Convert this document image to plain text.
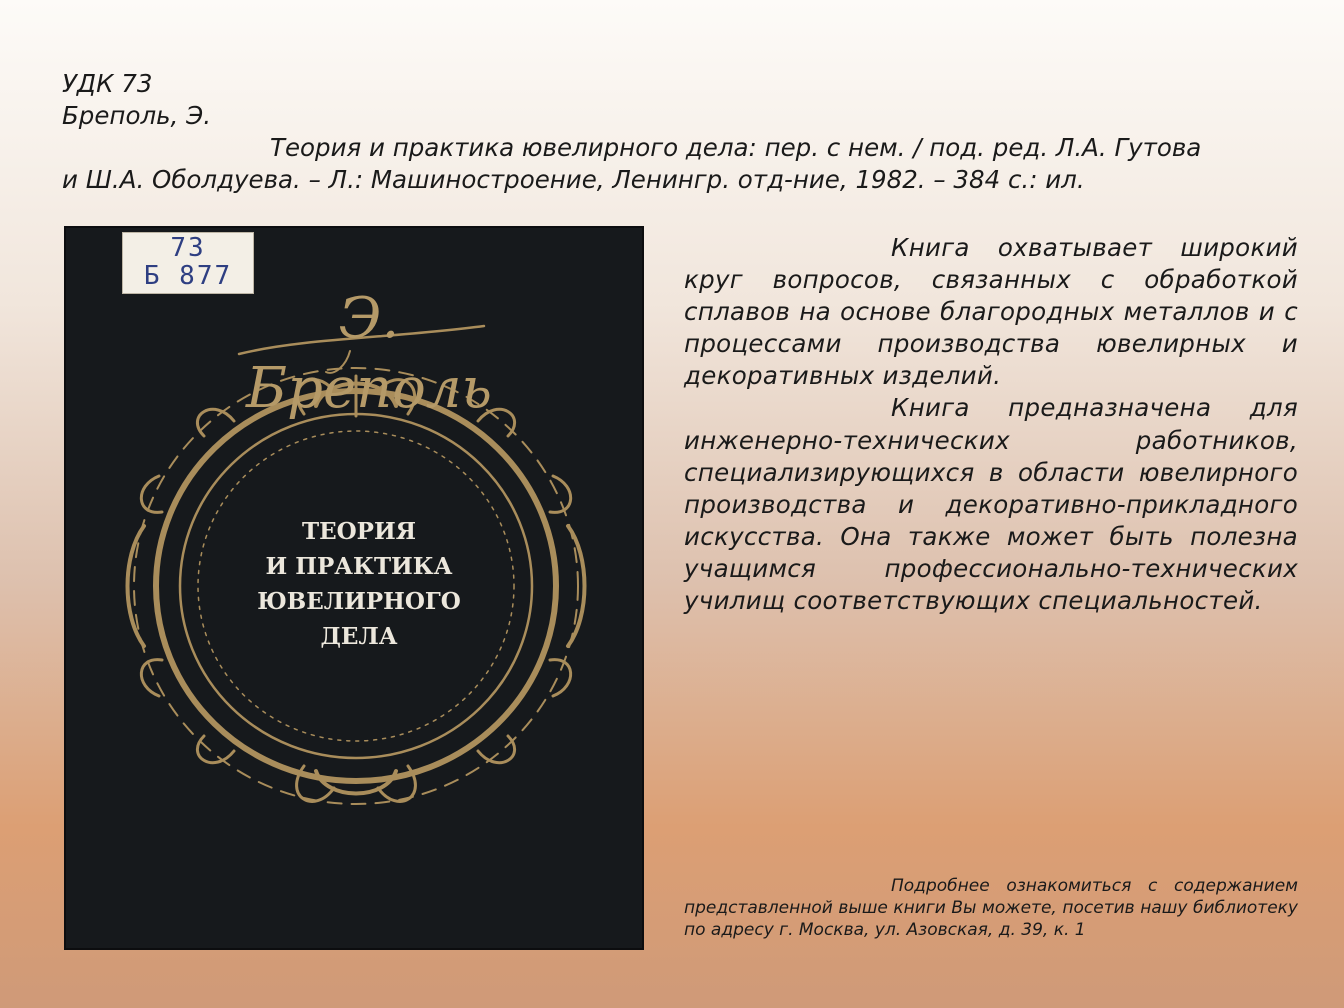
УДК 73
Бреполь, Э.
Теория и практика ювелирного дела: пер. с нем. / под. ред. Л.А. Гутова
и Ш.А. Оболдуева. – Л.: Машиностроение, Ленингр. отд-ние, 1982. – 384 с.: ил.
73
Б 877
Э. Бреполь
ТЕОРИЯ
И ПРАКТИКА
ЮВЕЛИРНОГО
ДЕЛА

Книга охватывает широкий круг вопросов, связанных с обработкой сплавов на основе благородных металлов и с процессами производства ювелирных и декоративных изделий.

Книга предназначена для инженерно-технических работников, специализирующихся в области ювелирного производства и декоративно-прикладного искусства. Она также может быть полезна учащимся профессионально-технических училищ соответствующих специальностей.

Подробнее ознакомиться с содержанием представленной выше книги Вы можете, посетив нашу библиотеку по адресу г. Москва, ул. Азовская, д. 39, к. 1
